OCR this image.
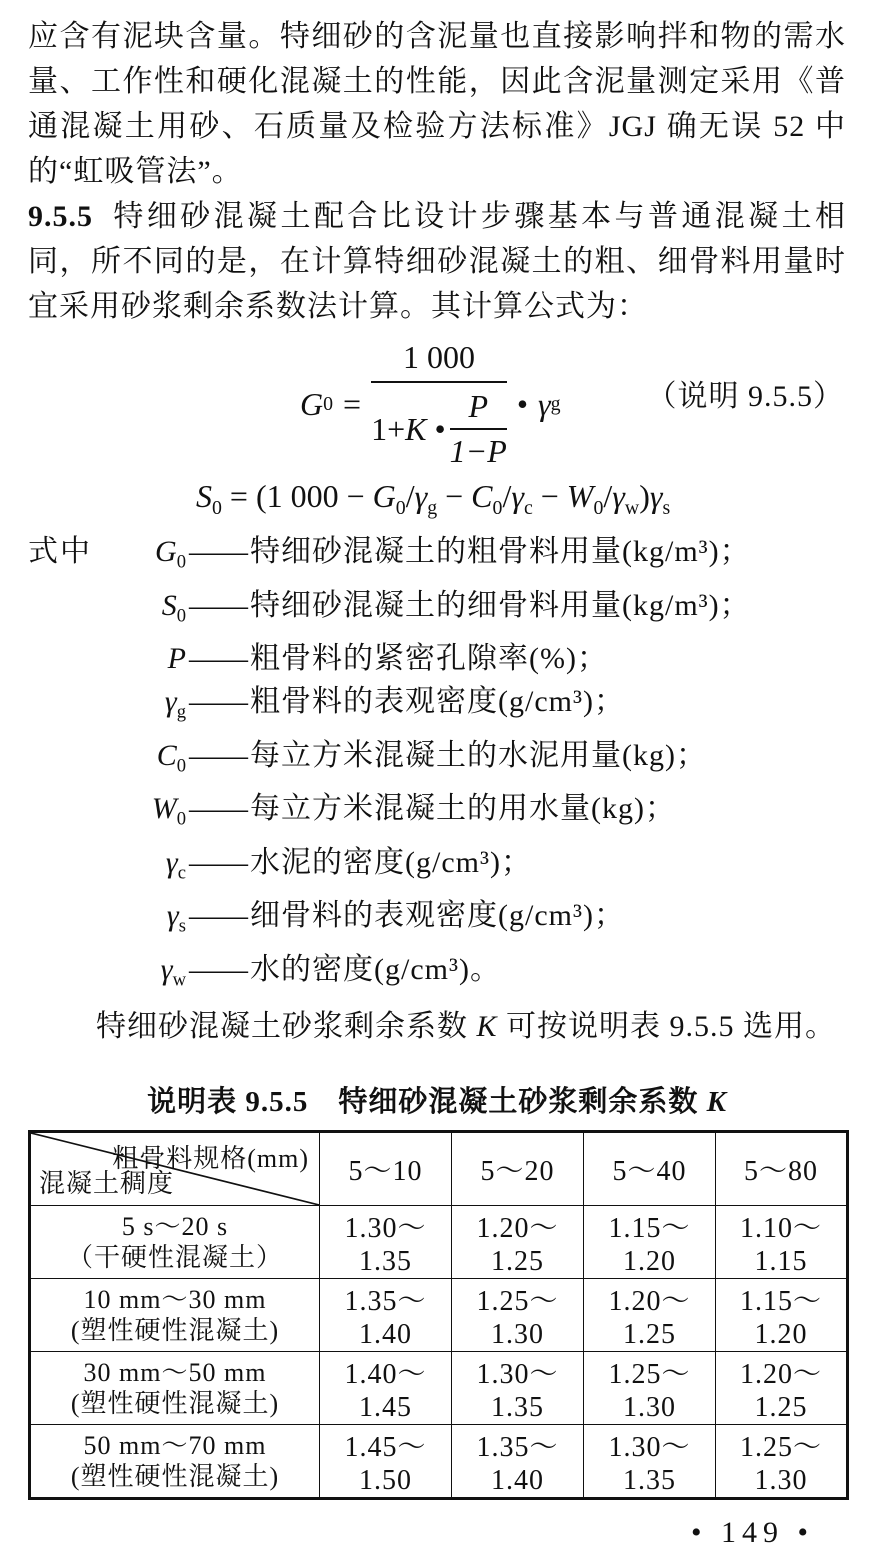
应含有泥块含量。特细砂的含泥量也直接影响拌和物的需水量、工作性和硬化混凝土的性能，因此含泥量测定采用《普通混凝土用砂、石质量及检验方法标准》JGJ 确无误 52 中的“虹吸管法”。

9.5.5 特细砂混凝土配合比设计步骤基本与普通混凝土相同，所不同的是，在计算特细砂混凝土的粗、细骨料用量时宜采用砂浆剩余系数法计算。其计算公式为：

G $0 = \frac{1 000}{1+K • \frac{P}{1-P}}$ • γ g	（说明 9.5.5）
$S_0 = (1$ $000 - G_0/\gamma_g - C_0/\gamma_c - W_0/\gamma_w)\gamma_s$
式中	$G_0$ —— 特细砂混凝土的粗骨料用量(kg/m³)；
$S_0$ —— 特细砂混凝土的细骨料用量(kg/m³)；
P —— 粗骨料的紧密孔隙率(%)；
$\gamma_g$ —— 粗骨料的表观密度(g/cm³)；
$C_0$ —— 每立方米混凝土的水泥用量(kg)；
$W_0$ —— 每立方米混凝土的用水量(kg)；
$\gamma_c$ —— 水泥的密度(g/cm³)；
$\gamma_s$ —— 细骨料的表观密度(g/cm³)；
$\gamma_w$ —— 水的密度(g/cm³)。

特细砂混凝土砂浆剩余系数 K 可按说明表 9.5.5 选用。

说明表 9.5.5　特细砂混凝土砂浆剩余系数 K
粗骨料规格(mm)
混凝土稠度	5～10	5～20	5～40	5～80

5 s～20 s
（干硬性混凝土）	1.30～1.35	1.20～1.25	1.15～1.20	1.10～1.15

10 mm～30 mm
(塑性硬性混凝土)	1.35～1.40	1.25～1.30	1.20～1.25	1.15～1.20

30 mm～50 mm
(塑性硬性混凝土)	1.40～1.45	1.30～1.35	1.25～1.30	1.20～1.25

50 mm～70 mm
(塑性硬性混凝土)	1.45～1.50	1.35～1.40	1.30～1.35	1.25～1.30
• 149 •
